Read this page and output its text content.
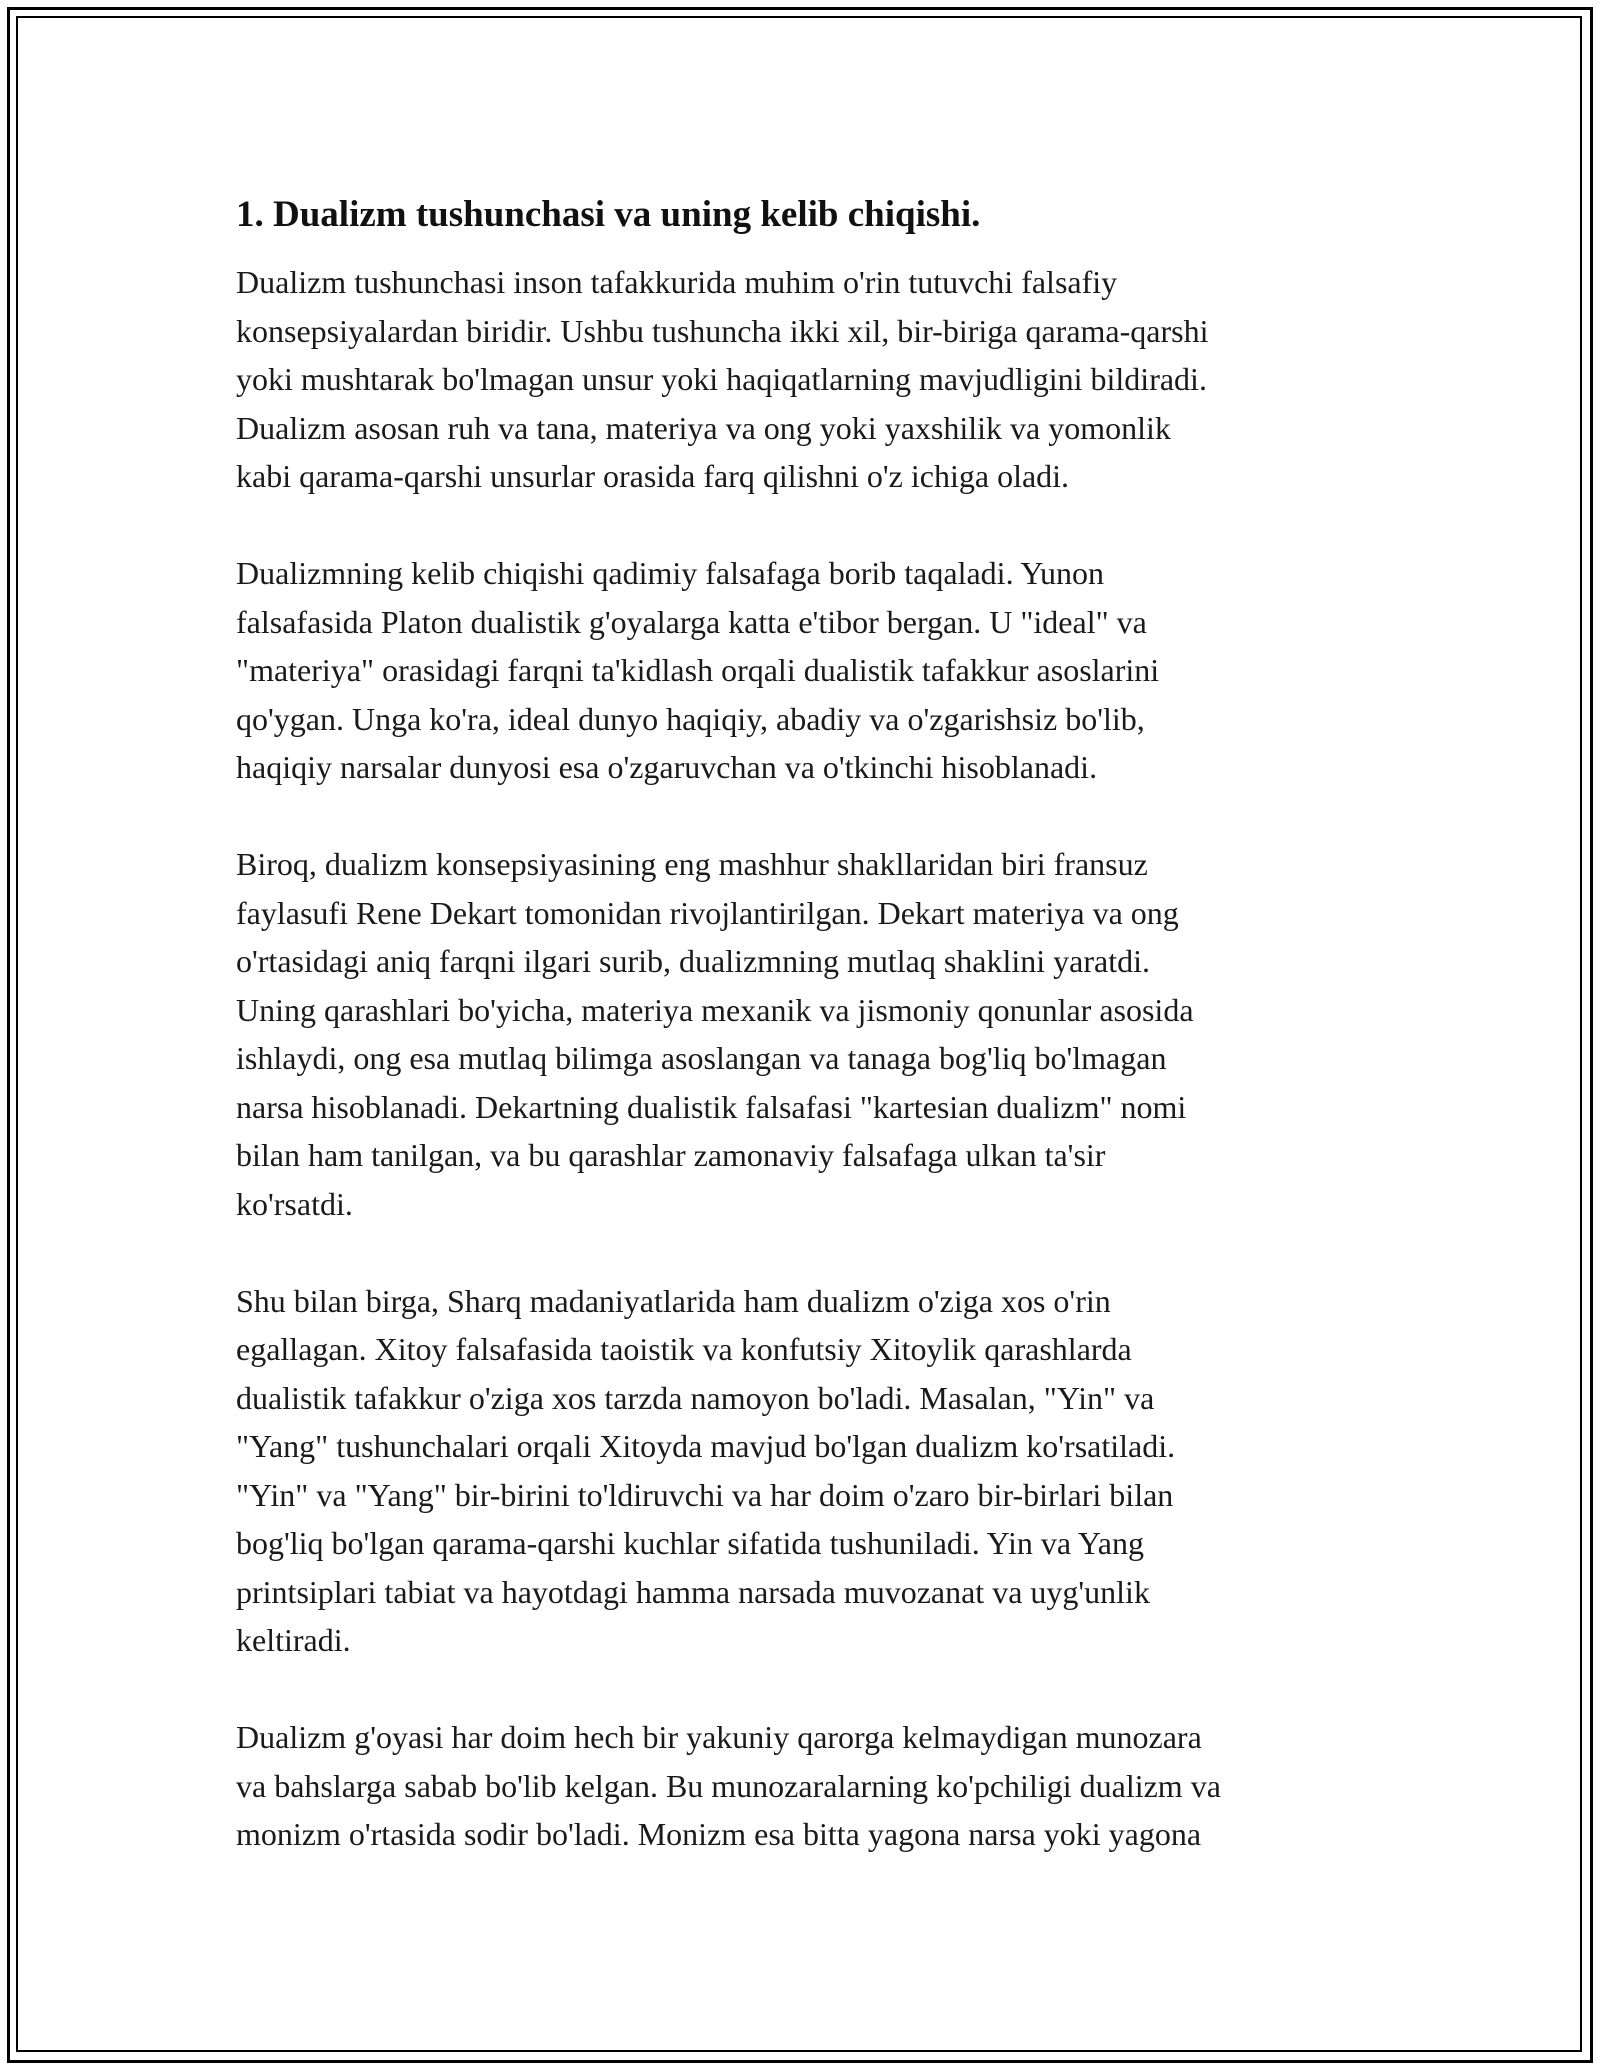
1. Dualizm tushunchasi va uning kelib chiqishi.

Dualizm tushunchasi inson tafakkurida muhim o'rin tutuvchi falsafiy
konsepsiyalardan biridir. Ushbu tushuncha ikki xil, bir-biriga qarama-qarshi
yoki mushtarak bo'lmagan unsur yoki haqiqatlarning mavjudligini bildiradi.
Dualizm asosan ruh va tana, materiya va ong yoki yaxshilik va yomonlik
kabi qarama-qarshi unsurlar orasida farq qilishni o'z ichiga oladi.

Dualizmning kelib chiqishi qadimiy falsafaga borib taqaladi. Yunon
falsafasida Platon dualistik g'oyalarga katta e'tibor bergan. U "ideal" va
"materiya" orasidagi farqni ta'kidlash orqali dualistik tafakkur asoslarini
qo'ygan. Unga ko'ra, ideal dunyo haqiqiy, abadiy va o'zgarishsiz bo'lib,
haqiqiy narsalar dunyosi esa o'zgaruvchan va o'tkinchi hisoblanadi.

Biroq, dualizm konsepsiyasining eng mashhur shakllaridan biri fransuz
faylasufi Rene Dekart tomonidan rivojlantirilgan. Dekart materiya va ong
o'rtasidagi aniq farqni ilgari surib, dualizmning mutlaq shaklini yaratdi.
Uning qarashlari bo'yicha, materiya mexanik va jismoniy qonunlar asosida
ishlaydi, ong esa mutlaq bilimga asoslangan va tanaga bog'liq bo'lmagan
narsa hisoblanadi. Dekartning dualistik falsafasi "kartesian dualizm" nomi
bilan ham tanilgan, va bu qarashlar zamonaviy falsafaga ulkan ta'sir
ko'rsatdi.

Shu bilan birga, Sharq madaniyatlarida ham dualizm o'ziga xos o'rin
egallagan. Xitoy falsafasida taoistik va konfutsiy Xitoylik qarashlarda
dualistik tafakkur o'ziga xos tarzda namoyon bo'ladi. Masalan, "Yin" va
"Yang" tushunchalari orqali Xitoyda mavjud bo'lgan dualizm ko'rsatiladi.
"Yin" va "Yang" bir-birini to'ldiruvchi va har doim o'zaro bir-birlari bilan
bog'liq bo'lgan qarama-qarshi kuchlar sifatida tushuniladi. Yin va Yang
printsiplari tabiat va hayotdagi hamma narsada muvozanat va uyg'unlik
keltiradi.

Dualizm g'oyasi har doim hech bir yakuniy qarorga kelmaydigan munozara
va bahslarga sabab bo'lib kelgan. Bu munozaralarning ko'pchiligi dualizm va
monizm o'rtasida sodir bo'ladi. Monizm esa bitta yagona narsa yoki yagona
